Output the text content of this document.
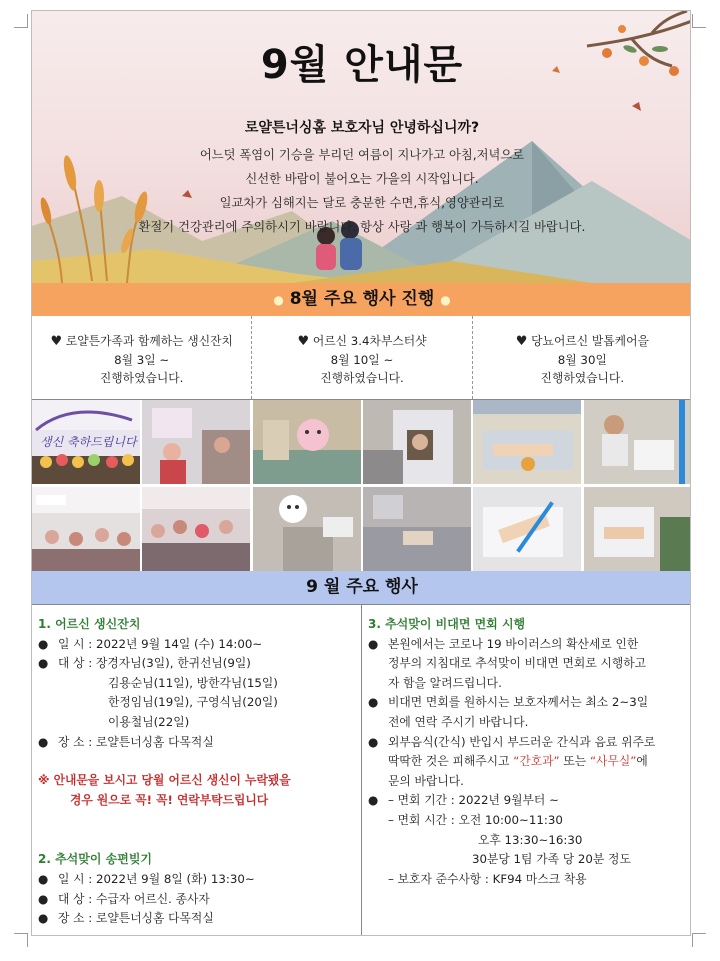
9월 안내문
로얄튼너싱홈 보호자님 안녕하십니까?
어느덧 폭염이 기승을 부리던 여름이 지나가고 아침,저녁으로
신선한 바람이 불어오는 가을의 시작입니다.
일교차가 심해지는 달로 충분한 수면,휴식,영양관리로
환절기 건강관리에 주의하시기 바랍니다. 항상 사랑 과 행복이 가득하시길 바랍니다.
● 8월 주요 행사 진행 ●
♥ 로얄튼가족과 함께하는 생신잔치
8월 3일 ~
진행하였습니다.
♥ 어르신 3.4차부스터샷
8월 10일 ~
진행하였습니다.
♥ 당뇨어르신 발톱케어을
8월 30일
진행하였습니다.
생신 축하드립니다
9 월 주요 행사
1. 어르신 생신잔치
● 일 시 : 2022년 9월 14일 (수) 14:00~
● 대 상 : 장경자님(3일), 한귀선님(9일)
김용순님(11일), 방한각님(15일)
한정임님(19일), 구영식님(20일)
이용철님(22일)
● 장 소 : 로얄튼너싱홈 다목적실
※ 안내문을 보시고 당월 어르신 생신이 누락됐을
경우 원으로 꼭! 꼭! 연락부탁드립니다
2. 추석맞이 송편빚기
● 일 시 : 2022년 9월 8일 (화) 13:30~
● 대 상 : 수급자 어르신. 종사자
● 장 소 : 로얄튼너싱홈 다목적실
3. 추석맞이 비대면 면회 시행
● 본원에서는 코로나 19 바이러스의 확산세로 인한
정부의 지침대로 추석맞이 비대면 면회로 시행하고
자 함을 알려드립니다.
● 비대면 면회를 원하시는 보호자께서는 최소 2~3일
전에 연락 주시기 바랍니다.
● 외부음식(간식) 반입시 부드러운 간식과 음료 위주로
딱딱한 것은 피해주시고 “간호과” 또는 “사무실”에
문의 바랍니다.
● – 면회 기간 : 2022년 9월부터 ~
– 면회 시간 : 오전 10:00~11:30
오후 13:30~16:30
30분당 1팀 가족 당 20분 정도
– 보호자 준수사항 : KF94 마스크 착용
